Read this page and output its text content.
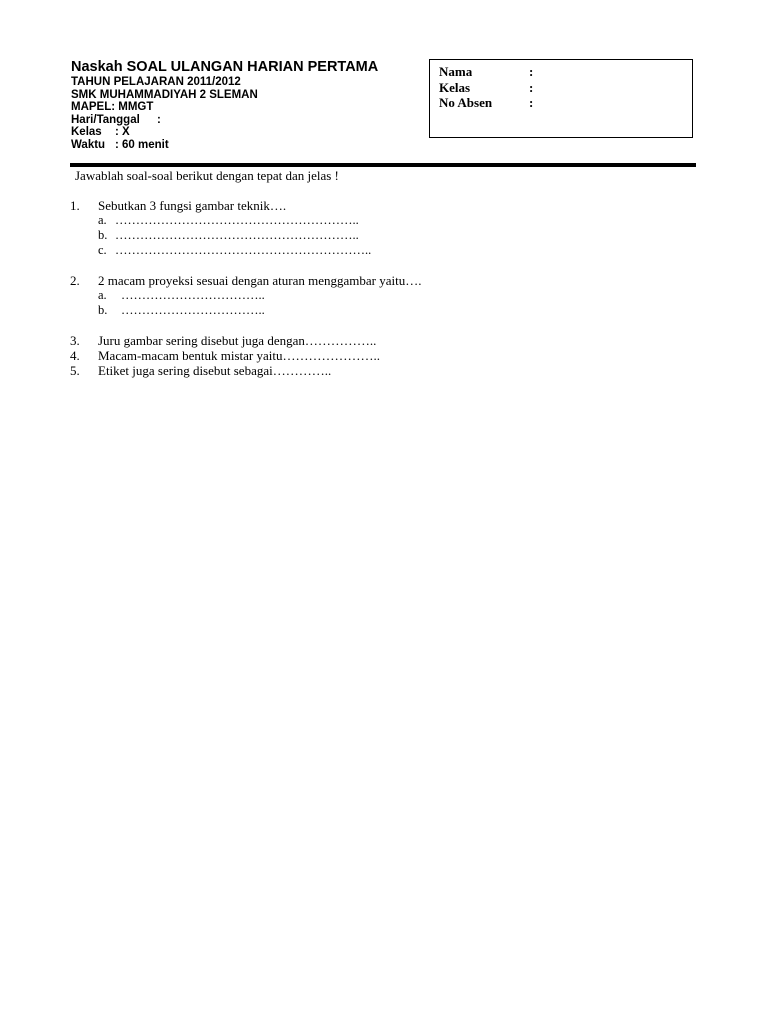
Naskah SOAL ULANGAN HARIAN PERTAMA
TAHUN PELAJARAN 2011/2012
SMK MUHAMMADIYAH 2 SLEMAN
MAPEL: MMGT
Hari/Tanggal :
Kelas : X
Waktu : 60 menit
Nama	:
Kelas	:
No Absen	:
Jawablah soal-soal berikut dengan tepat dan jelas !
1. Sebutkan 3 fungsi gambar teknik….
a. …………………………………………………..
b. …………………………………………………..
c. ……………………………………………………..
2. 2 macam proyeksi sesuai dengan aturan menggambar yaitu….
a. ……………………………..
b. ……………………………..
3. Juru gambar sering disebut juga dengan……………..
4. Macam-macam bentuk mistar yaitu…………………..
5. Etiket juga sering disebut sebagai…………..
